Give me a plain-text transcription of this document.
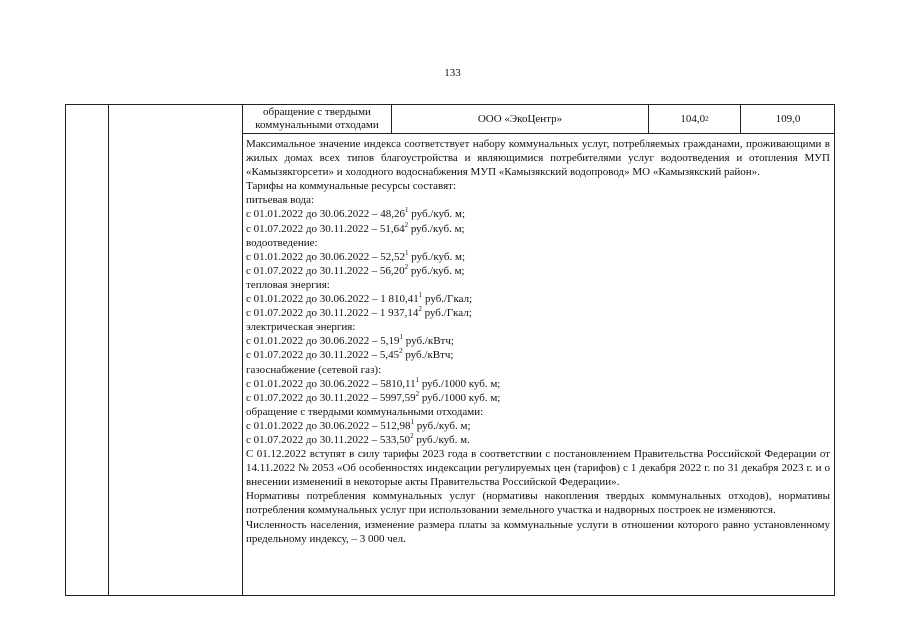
133
обращение с твердыми коммунальными отходами
ООО «ЭкоЦентр»	104,0 2	109,0

Максимальное значение индекса соответствует набору коммунальных услуг, потребляемых гражданами, проживающими в жилых домах всех типов благоустройства и являющимися потребителями услуг водоотведения и отопления МУП «Камызякгорсети» и холодного водоснабжения МУП «Камызякский водопровод» МО «Камызякский район».

Тарифы на коммунальные ресурсы составят:

питьевая вода:

с 01.01.2022 до 30.06.2022 – 48,26$^1$ руб./куб. м;

с 01.07.2022 до 30.11.2022 – 51,64$^2$ руб./куб. м;

водоотведение:

с 01.01.2022 до 30.06.2022 – 52,52$^1$ руб./куб. м;

с 01.07.2022 до 30.11.2022 – 56,20$^2$ руб./куб. м;

тепловая энергия:

с 01.01.2022 до 30.06.2022 – 1 810,41$^1$ руб./Гкал;

с 01.07.2022 до 30.11.2022 – 1 937,14$^2$ руб./Гкал;

электрическая энергия:

с 01.01.2022 до 30.06.2022 – 5,19$^1$ руб./кВтч;

с 01.07.2022 до 30.11.2022 – 5,45$^2$ руб./кВтч;

газоснабжение (сетевой газ):

с 01.01.2022 до 30.06.2022 – 5810,11$^1$ руб./1000 куб. м;

с 01.07.2022 до 30.11.2022 – 5997,59$^2$ руб./1000 куб. м;

обращение с твердыми коммунальными отходами:

с 01.01.2022 до 30.06.2022 – 512,98$^1$ руб./куб. м;

с 01.07.2022 до 30.11.2022 – 533,50$^2$ руб./куб. м.

С 01.12.2022 вступят в силу тарифы 2023 года в соответствии с постановлением Правительства Российской Федерации от 14.11.2022 № 2053 «Об особенностях индексации регулируемых цен (тарифов) с 1 декабря 2022 г. по 31 декабря 2023 г. и о внесении изменений в некоторые акты Правительства Российской Федерации».

Нормативы потребления коммунальных услуг (нормативы накопления твердых коммунальных отходов), нормативы потребления коммунальных услуг при использовании земельного участка и надворных построек не изменяются.

Численность населения, изменение размера платы за коммунальные услуги в отношении которого равно установленному предельному индексу, – 3 000 чел.
